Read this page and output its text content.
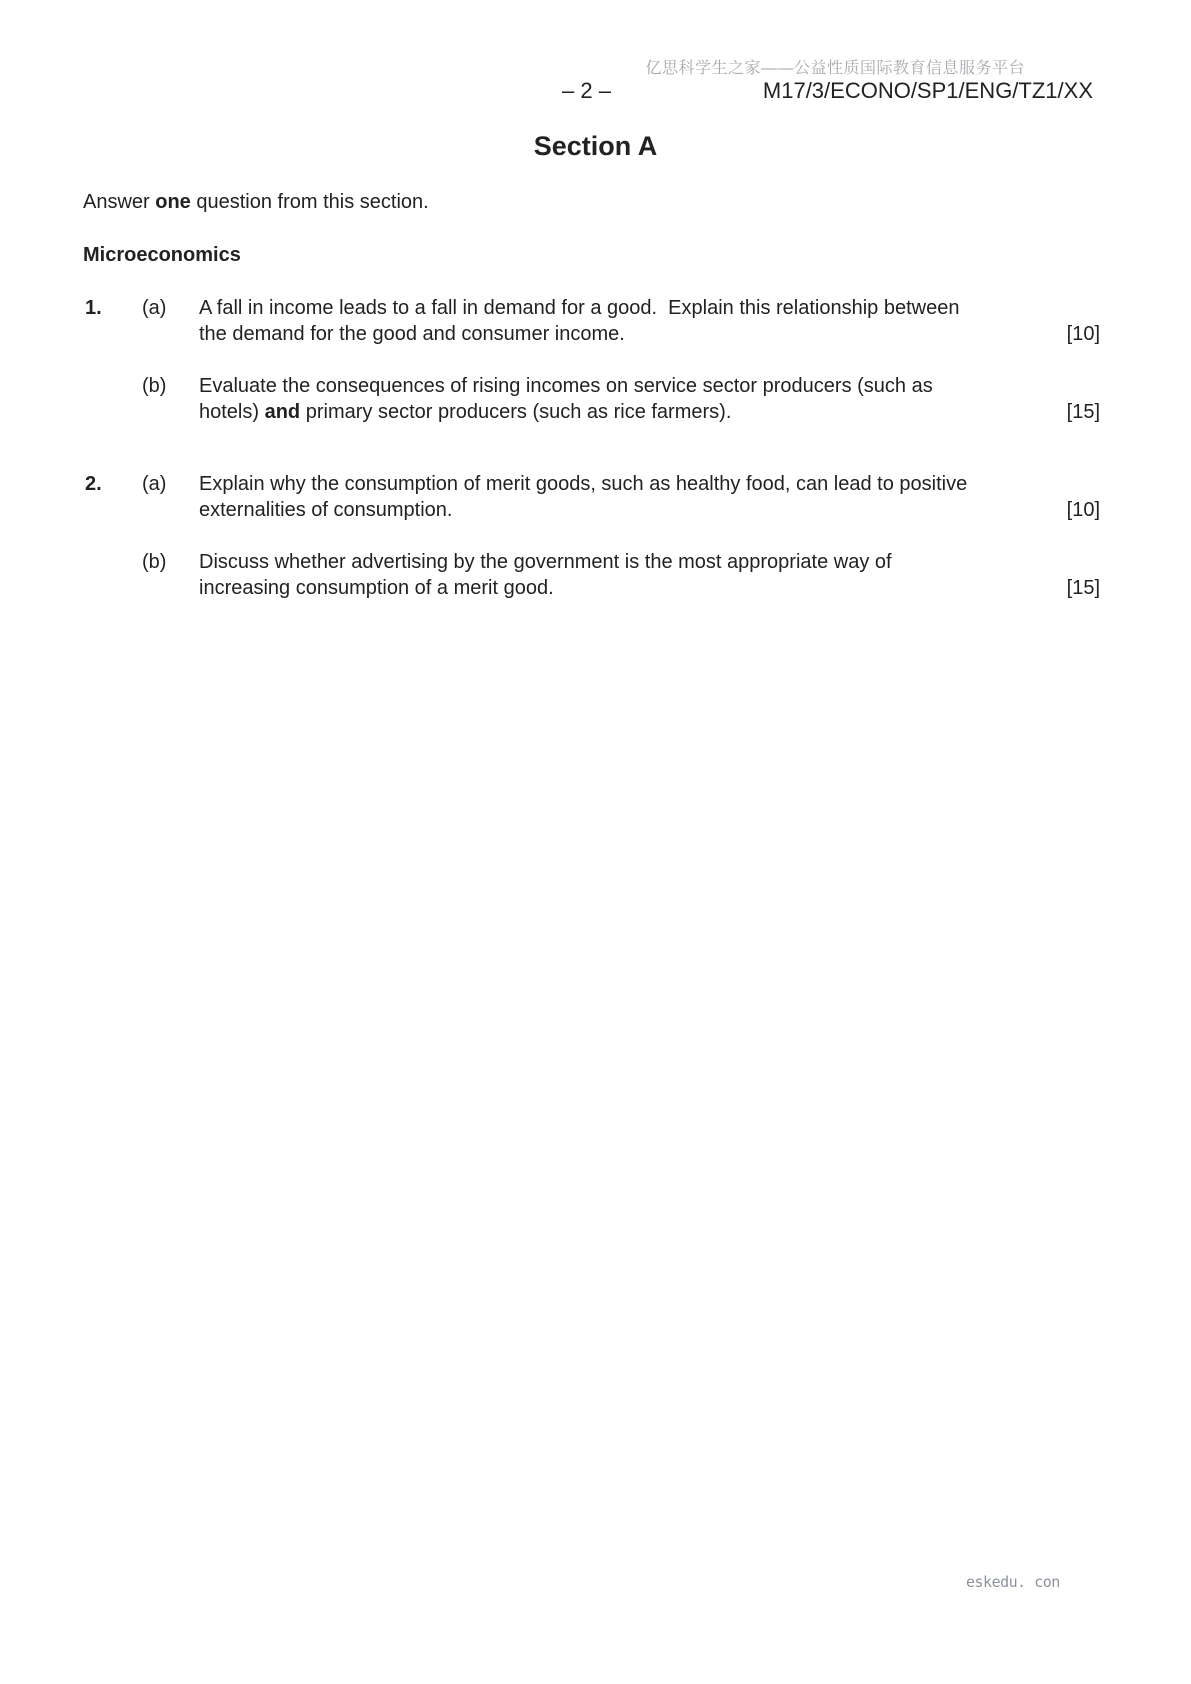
亿思科学生之家——公益性质国际教育信息服务平台
– 2 –	M17/3/ECONO/SP1/ENG/TZ1/XX
Section A

Answer one question from this section.

Microeconomics
1. (a) A fall in income leads to a fall in demand for a good.  Explain this relationship between
the demand for the good and consumer income.	[10]
(b) Evaluate the consequences of rising incomes on service sector producers (such as
hotels) and primary sector producers (such as rice farmers).	[15]
2. (a) Explain why the consumption of merit goods, such as healthy food, can lead to positive
externalities of consumption.	[10]
(b) Discuss whether advertising by the government is the most appropriate way of
increasing consumption of a merit good.	[15]
eskedu. con
